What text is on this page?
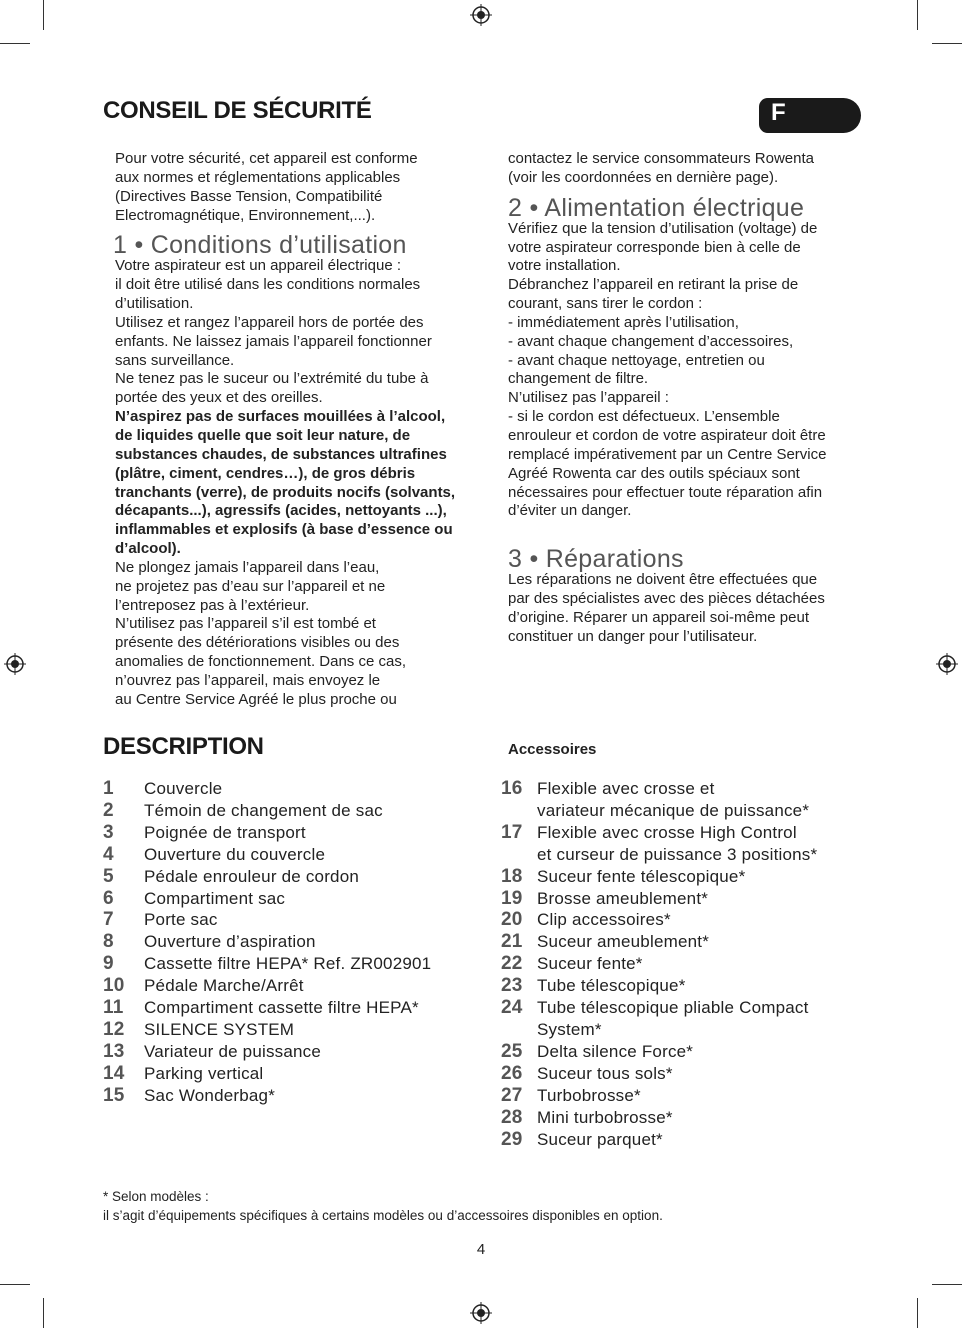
CONSEIL DE SÉCURITÉ	F

Pour votre sécurité, cet appareil est conforme

aux normes et réglementations applicables

(Directives Basse Tension, Compatibilité

Electromagnétique, Environnement,...).

1 • Conditions d’utilisation

Votre aspirateur est un appareil électrique :

il doit être utilisé dans les conditions normales

d’utilisation.

Utilisez et rangez l’appareil hors de portée des

enfants. Ne laissez jamais l’appareil fonctionner

sans surveillance.

Ne tenez pas le suceur ou l’extrémité du tube à

portée des yeux et des oreilles.

N’aspirez pas de surfaces mouillées à l’alcool,

de liquides quelle que soit leur nature, de

substances chaudes, de substances ultrafines

(plâtre, ciment, cendres…), de gros débris

tranchants (verre), de produits nocifs (solvants,

décapants...), agressifs (acides, nettoyants ...),

inflammables et explosifs (à base d’essence ou

d’alcool).

Ne plongez jamais l’appareil dans l’eau,

ne projetez pas d’eau sur l’appareil et ne

l’entreposez pas à l’extérieur.

N’utilisez pas l’appareil s’il est tombé et

présente des détériorations visibles ou des

anomalies de fonctionnement. Dans ce cas,

n’ouvrez pas l’appareil, mais envoyez le

au Centre Service Agréé le plus proche ou

contactez le service consommateurs Rowenta

(voir les coordonnées en dernière page).

2 • Alimentation électrique

Vérifiez que la tension d’utilisation (voltage) de

votre aspirateur corresponde bien à celle de

votre installation.

Débranchez l’appareil en retirant la prise de

courant, sans tirer le cordon :

- immédiatement après l’utilisation,

- avant chaque changement d’accessoires,

- avant chaque nettoyage, entretien ou

changement de filtre.

N’utilisez pas l’appareil :

- si le cordon est défectueux. L’ensemble

enrouleur et cordon de votre aspirateur doit être

remplacé impérativement par un Centre Service

Agréé Rowenta car des outils spéciaux sont

nécessaires pour effectuer toute réparation afin

d’éviter un danger.

3 • Réparations

Les réparations ne doivent être effectuées que

par des spécialistes avec des pièces détachées

d’origine. Réparer un appareil soi-même peut

constituer un danger pour l’utilisateur.

DESCRIPTION	Accessoires
1	Couvercle
2	Témoin de changement de sac
3	Poignée de transport
4	Ouverture du couvercle
5	Pédale enrouleur de cordon
6	Compartiment sac
7	Porte sac
8	Ouverture d’aspiration
9	Cassette filtre HEPA* Ref. ZR002901
10	Pédale Marche/Arrêt
11	Compartiment cassette filtre HEPA*
12	SILENCE SYSTEM
13	Variateur de puissance
14	Parking vertical
15	Sac Wonderbag*
16 Flexible avec crosse et
variateur mécanique de puissance*
17 Flexible avec crosse High Control
et curseur de puissance 3 positions*
18 Suceur fente télescopique*
19 Brosse ameublement*
20 Clip accessoires*
21 Suceur ameublement*
22 Suceur fente*
23 Tube télescopique*
24 Tube télescopique pliable Compact
System*
25 Delta silence Force*
26 Suceur tous sols*
27 Turbobrosse*
28 Mini turbobrosse*
29 Suceur parquet*
* Selon modèles :
il s’agit d’équipements spécifiques à certains modèles ou d’accessoires disponibles en option.
4
